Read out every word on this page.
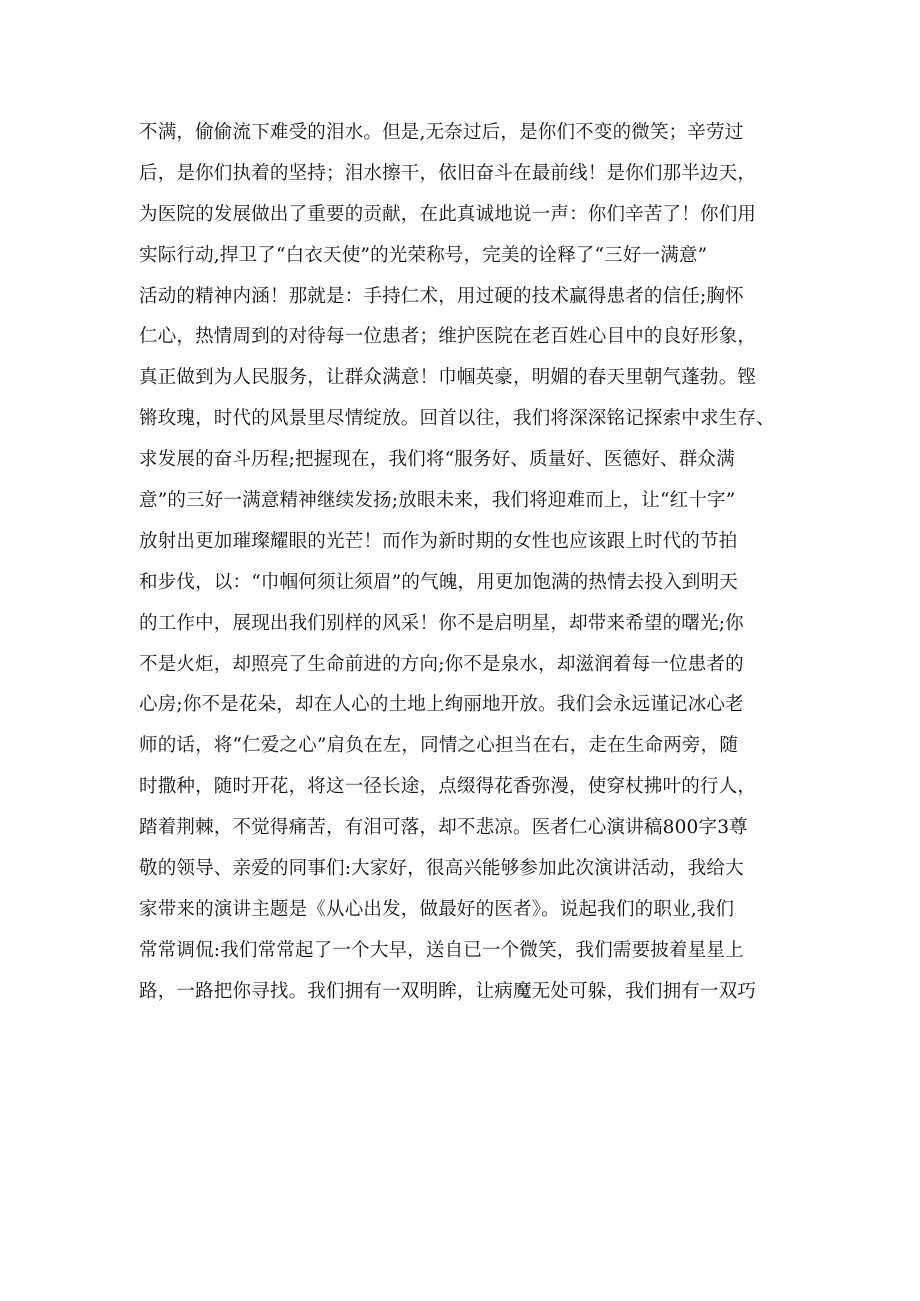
不满，偷偷流下难受的泪水。但是,无奈过后，是你们不变的微笑；辛劳过
后，是你们执着的坚持；泪水擦干，依旧奋斗在最前线！是你们那半边天，
为医院的发展做出了重要的贡献，在此真诚地说一声：你们辛苦了！你们用
实际行动,捍卫了“白衣天使”的光荣称号，完美的诠释了“三好一满意”
活动的精神内涵！那就是：手持仁术，用过硬的技术赢得患者的信任;胸怀
仁心，热情周到的对待每一位患者；维护医院在老百姓心目中的良好形象，
真正做到为人民服务，让群众满意！巾帼英豪，明媚的春天里朝气蓬勃。铿
锵玫瑰，时代的风景里尽情绽放。回首以往，我们将深深铭记探索中求生存、
求发展的奋斗历程;把握现在，我们将“服务好、质量好、医德好、群众满
意”的三好一满意精神继续发扬;放眼未来，我们将迎难而上，让“红十字”
放射出更加璀璨耀眼的光芒！而作为新时期的女性也应该跟上时代的节拍
和步伐，以：“巾帼何须让须眉”的气魄，用更加饱满的热情去投入到明天
的工作中，展现出我们别样的风采！你不是启明星，却带来希望的曙光;你
不是火炬，却照亮了生命前进的方向;你不是泉水，却滋润着每一位患者的
心房;你不是花朵，却在人心的土地上绚丽地开放。我们会永远谨记冰心老
师的话，将“仁爱之心”肩负在左，同情之心担当在右，走在生命两旁，随
时撒种，随时开花，将这一径长途，点缀得花香弥漫，使穿杖拂叶的行人，
踏着荆棘，不觉得痛苦，有泪可落，却不悲凉。医者仁心演讲稿800字3尊
敬的领导、亲爱的同事们:大家好，很高兴能够参加此次演讲活动，我给大
家带来的演讲主题是《从心出发，做最好的医者》。说起我们的职业,我们
常常调侃:我们常常起了一个大早，送自已一个微笑，我们需要披着星星上
路，一路把你寻找。我们拥有一双明眸，让病魔无处可躲，我们拥有一双巧
